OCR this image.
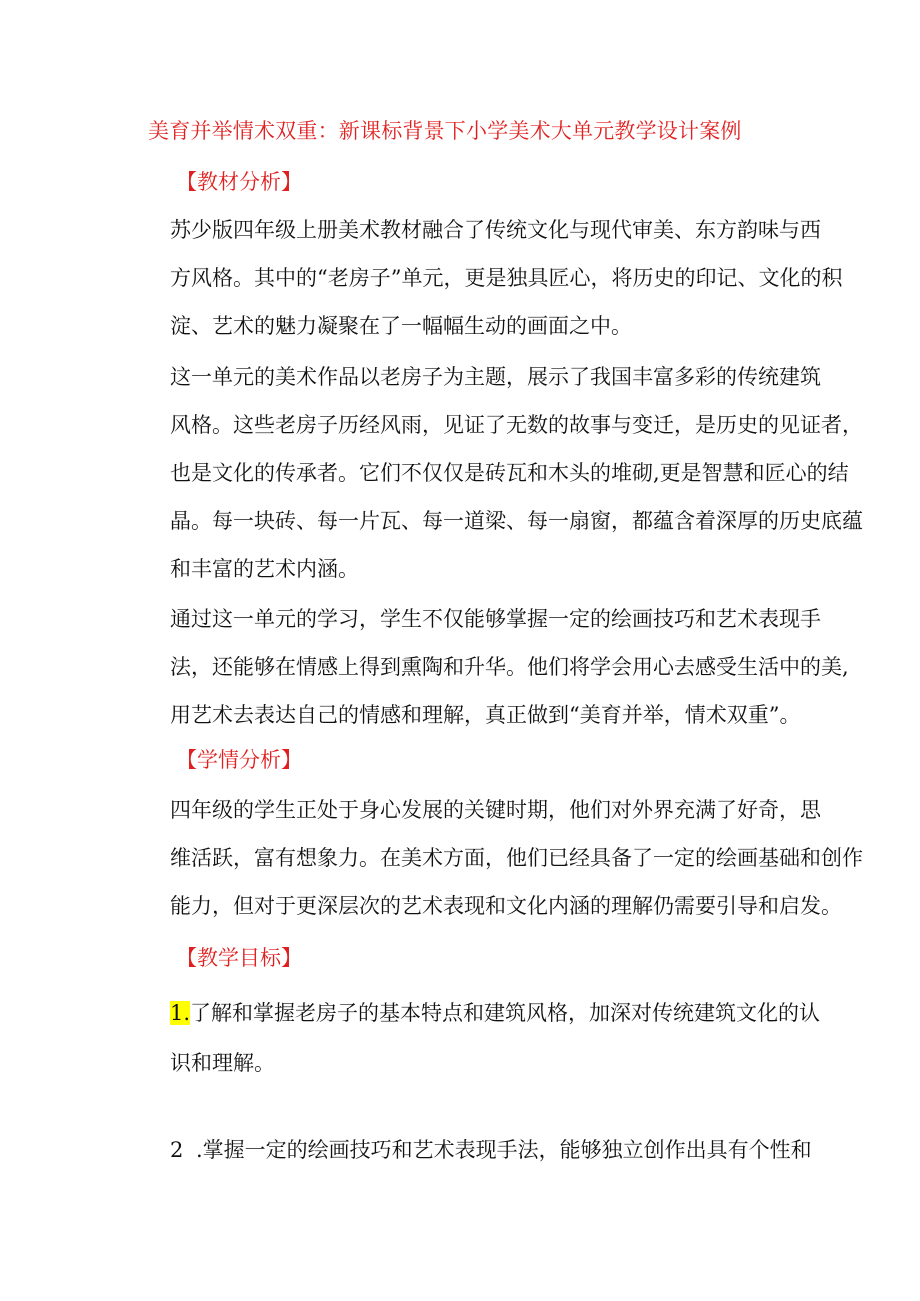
美育并举情术双重：新课标背景下小学美术大单元教学设计案例
【教材分析】
苏少版四年级上册美术教材融合了传统文化与现代审美、东方韵味与西
方风格。其中的“老房子”单元，更是独具匠心，将历史的印记、文化的积
淀、艺术的魅力凝聚在了一幅幅生动的画面之中。
这一单元的美术作品以老房子为主题，展示了我国丰富多彩的传统建筑
风格。这些老房子历经风雨，见证了无数的故事与变迁，是历史的见证者，
也是文化的传承者。它们不仅仅是砖瓦和木头的堆砌,更是智慧和匠心的结
晶。每一块砖、每一片瓦、每一道梁、每一扇窗，都蕴含着深厚的历史底蕴
和丰富的艺术内涵。
通过这一单元的学习，学生不仅能够掌握一定的绘画技巧和艺术表现手
法，还能够在情感上得到熏陶和升华。他们将学会用心去感受生活中的美,
用艺术去表达自己的情感和理解，真正做到“美育并举，情术双重”。
【学情分析】
四年级的学生正处于身心发展的关键时期，他们对外界充满了好奇，思
维活跃，富有想象力。在美术方面，他们已经具备了一定的绘画基础和创作
能力，但对于更深层次的艺术表现和文化内涵的理解仍需要引导和启发。
【教学目标】
1.了解和掌握老房子的基本特点和建筑风格，加深对传统建筑文化的认
识和理解。
2 .掌握一定的绘画技巧和艺术表现手法，能够独立创作出具有个性和
